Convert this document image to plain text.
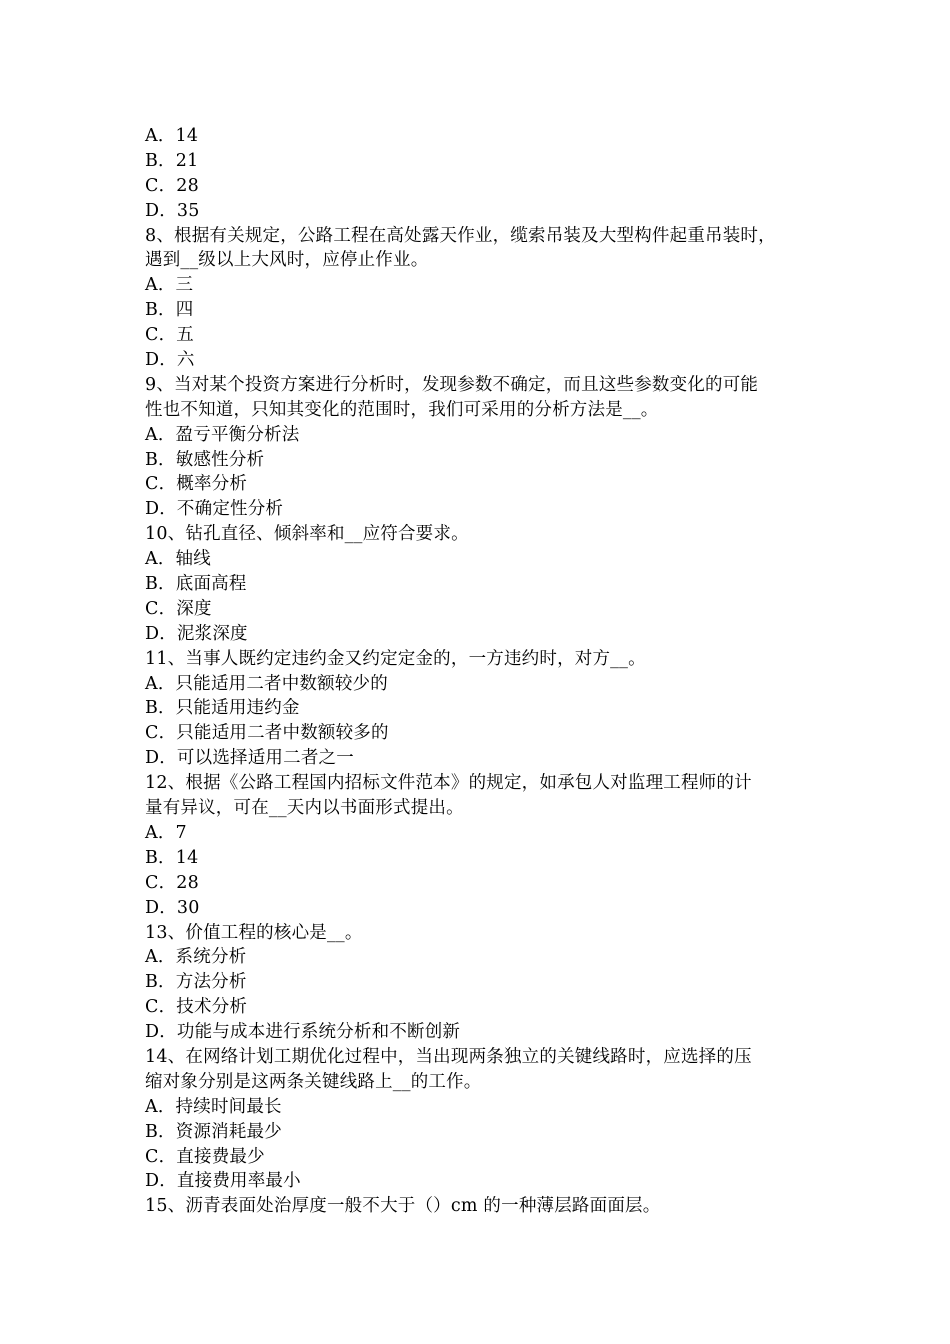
A．14
B．21
C．28
D．35
8、根据有关规定，公路工程在高处露天作业，缆索吊装及大型构件起重吊装时，
遇到__级以上大风时，应停止作业。
A．三
B．四
C．五
D．六
9、当对某个投资方案进行分析时，发现参数不确定，而且这些参数变化的可能
性也不知道，只知其变化的范围时，我们可采用的分析方法是__。
A．盈亏平衡分析法
B．敏感性分析
C．概率分析
D．不确定性分析
10、钻孔直径、倾斜率和__应符合要求。
A．轴线
B．底面高程
C．深度
D．泥浆深度
11、当事人既约定违约金又约定定金的，一方违约时，对方__。
A．只能适用二者中数额较少的
B．只能适用违约金
C．只能适用二者中数额较多的
D．可以选择适用二者之一
12、根据《公路工程国内招标文件范本》的规定，如承包人对监理工程师的计
量有异议，可在__天内以书面形式提出。
A．7
B．14
C．28
D．30
13、价值工程的核心是__。
A．系统分析
B．方法分析
C．技术分析
D．功能与成本进行系统分析和不断创新
14、在网络计划工期优化过程中，当出现两条独立的关键线路时，应选择的压
缩对象分别是这两条关键线路上__的工作。
A．持续时间最长
B．资源消耗最少
C．直接费最少
D．直接费用率最小
15、沥青表面处治厚度一般不大于（）cm 的一种薄层路面面层。
